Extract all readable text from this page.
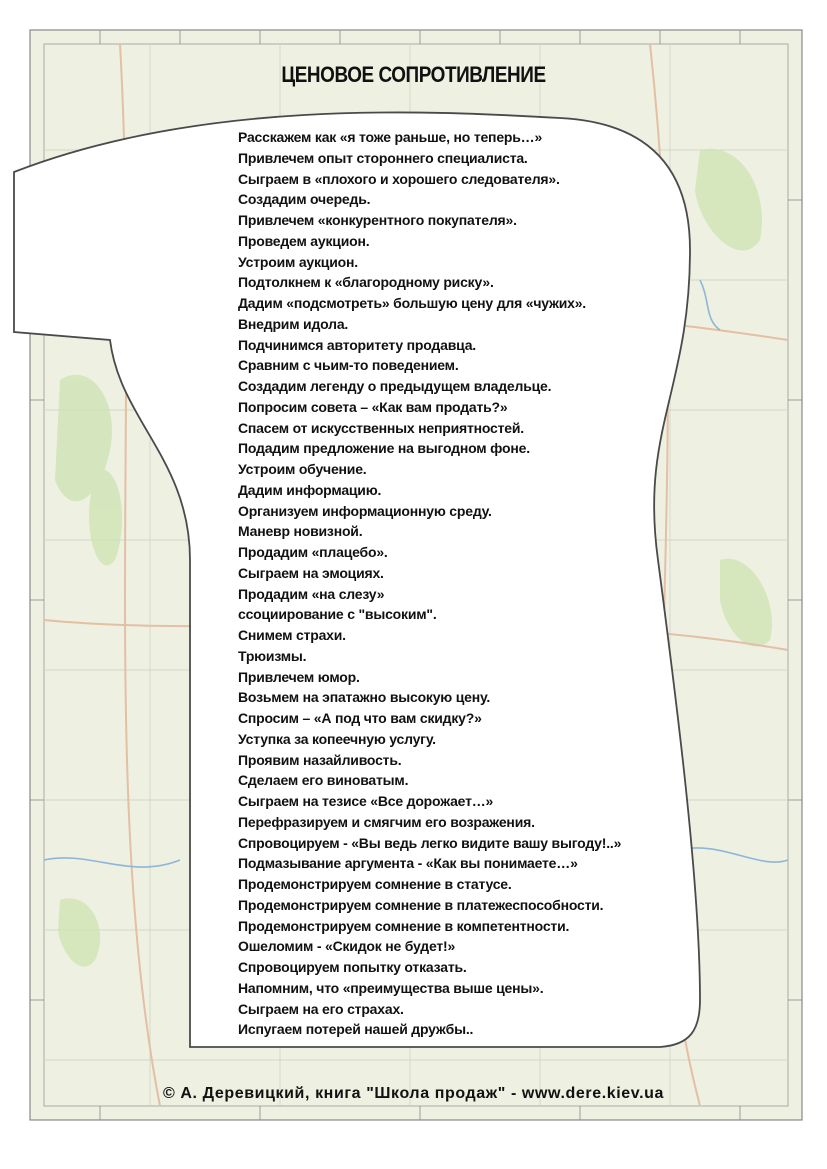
ЦЕНОВОЕ СОПРОТИВЛЕНИЕ
Расскажем как «я тоже раньше, но теперь…»
Привлечем опыт стороннего специалиста.
Сыграем в «плохого и хорошего следователя».
Создадим очередь.
Привлечем «конкурентного покупателя».
Проведем аукцион.
Устроим аукцион.
Подтолкнем к «благородному риску».
Дадим «подсмотреть» большую цену для «чужих».
Внедрим идола.
Подчинимся авторитету продавца.
Сравним с чьим-то поведением.
Создадим легенду о предыдущем владельце.
Попросим совета – «Как вам продать?»
Спасем от искусственных неприятностей.
Подадим предложение на выгодном фоне.
Устроим обучение.
Дадим информацию.
Организуем информационную среду.
Маневр новизной.
Продадим «плацебо».
Сыграем на эмоциях.
Продадим «на слезу»
ссоциирование с "высоким".
Снимем страхи.
Трюизмы.
Привлечем юмор.
Возьмем на эпатажно высокую цену.
Спросим – «А под что вам скидку?»
Уступка за копеечную услугу.
Проявим назайливость.
Сделаем его виноватым.
Сыграем на тезисе «Все дорожает…»
Перефразируем и смягчим его возражения.
Спровоцируем - «Вы ведь легко видите вашу выгоду!..»
Подмазывание аргумента - «Как вы понимаете…»
Продемонстрируем сомнение в статусе.
Продемонстрируем сомнение в платежеспособности.
Продемонстрируем сомнение в компетентности.
Ошеломим - «Скидок не будет!»
Спровоцируем попытку отказать.
Напомним, что «преимущества выше цены».
Сыграем на его страхах.
Испугаем потерей нашей дружбы..
© А. Деревицкий, книга "Школа продаж" - www.dere.kiev.ua
